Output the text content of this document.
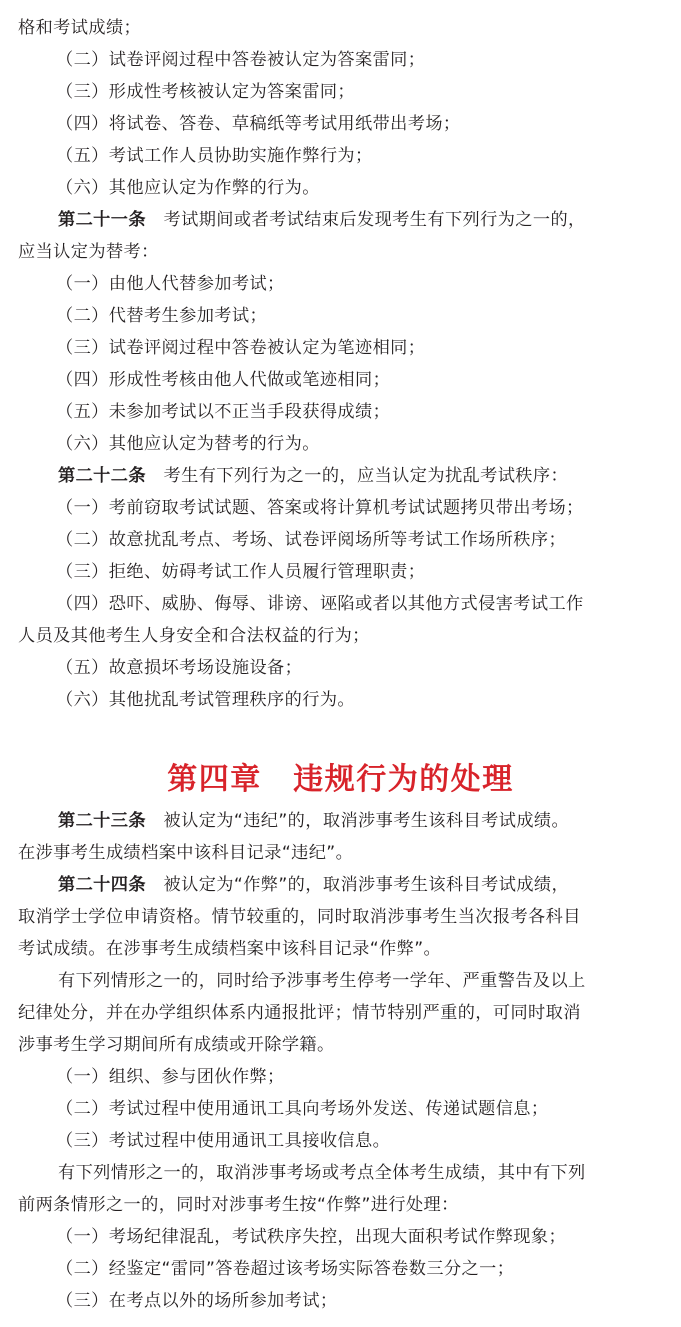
格和考试成绩；
（二）试卷评阅过程中答卷被认定为答案雷同；
（三）形成性考核被认定为答案雷同；
（四）将试卷、答卷、草稿纸等考试用纸带出考场；
（五）考试工作人员协助实施作弊行为；
（六）其他应认定为作弊的行为。
第二十一条　 考试期间或者考试结束后发现考生有下列行为之一的，
应当认定为替考：
（一）由他人代替参加考试；
（二）代替考生参加考试；
（三）试卷评阅过程中答卷被认定为笔迹相同；
（四）形成性考核由他人代做或笔迹相同；
（五）未参加考试以不正当手段获得成绩；
（六）其他应认定为替考的行为。
第二十二条　 考生有下列行为之一的，应当认定为扰乱考试秩序：
（一）考前窃取考试试题、答案或将计算机考试试题拷贝带出考场；
（二）故意扰乱考点、考场、试卷评阅场所等考试工作场所秩序；
（三）拒绝、妨碍考试工作人员履行管理职责；
（四）恐吓、威胁、侮辱、诽谤、诬陷或者以其他方式侵害考试工作
人员及其他考生人身安全和合法权益的行为；
（五）故意损坏考场设施设备；
（六）其他扰乱考试管理秩序的行为。
第四章　违规行为的处理
第二十三条　 被认定为“违纪”的，取消涉事考生该科目考试成绩。
在涉事考生成绩档案中该科目记录“违纪”。
第二十四条　 被认定为“作弊”的，取消涉事考生该科目考试成绩，
取消学士学位申请资格。情节较重的，同时取消涉事考生当次报考各科目
考试成绩。在涉事考生成绩档案中该科目记录“作弊”。
有下列情形之一的，同时给予涉事考生停考一学年、严重警告及以上
纪律处分，并在办学组织体系内通报批评；情节特别严重的，可同时取消
涉事考生学习期间所有成绩或开除学籍。
（一）组织、参与团伙作弊；
（二）考试过程中使用通讯工具向考场外发送、传递试题信息；
（三）考试过程中使用通讯工具接收信息。
有下列情形之一的，取消涉事考场或考点全体考生成绩，其中有下列
前两条情形之一的，同时对涉事考生按“作弊”进行处理：
（一）考场纪律混乱，考试秩序失控，出现大面积考试作弊现象；
（二）经鉴定“雷同”答卷超过该考场实际答卷数三分之一；
（三）在考点以外的场所参加考试；
